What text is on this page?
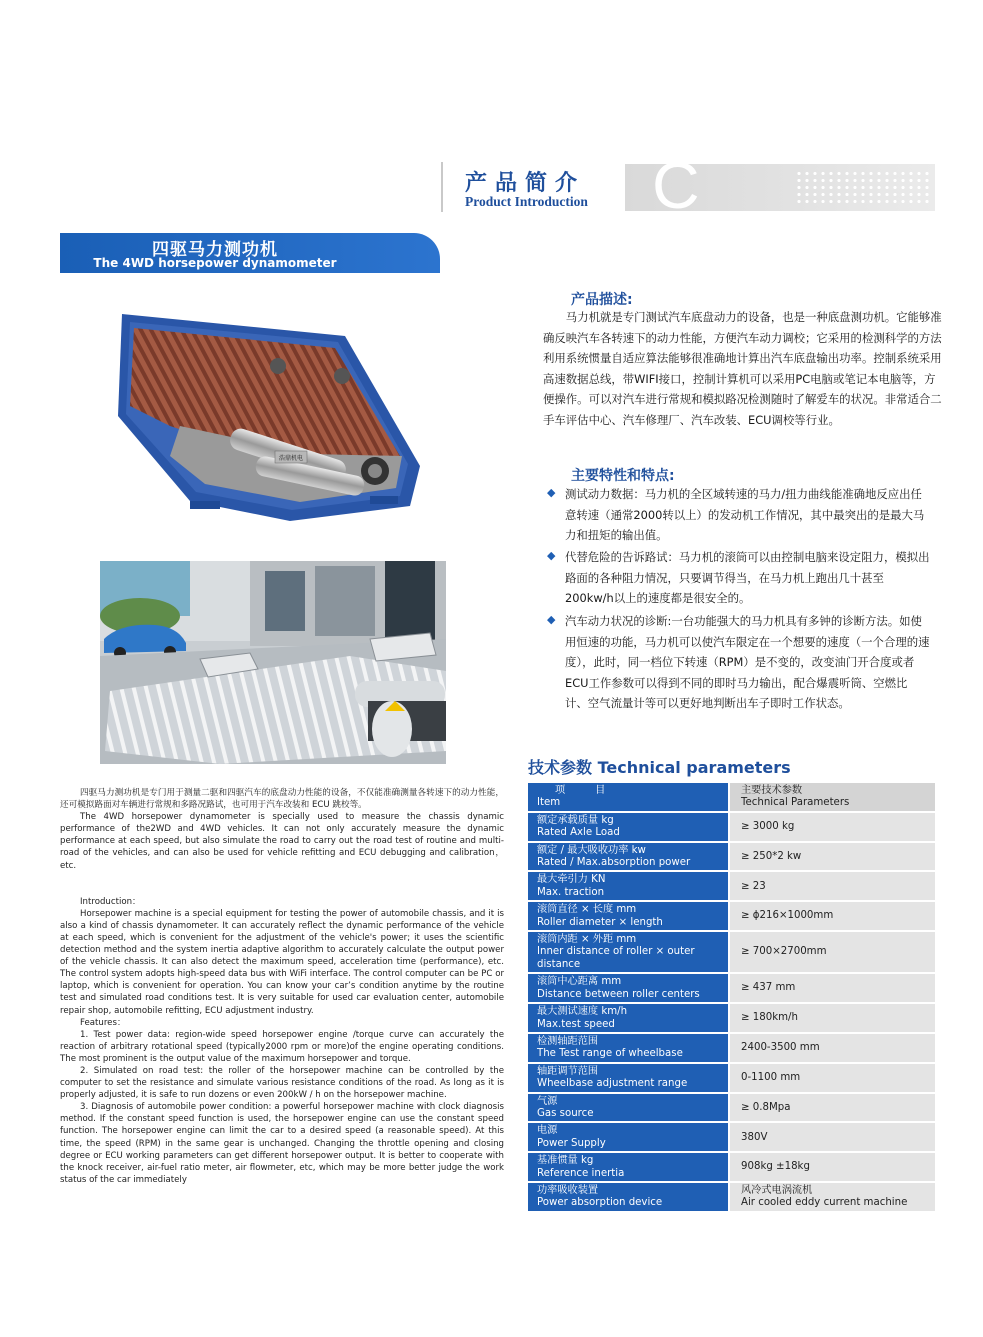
产品简介
Product Introduction C
四驱马力测功机
The 4WD horsepower dynamometer
浩鼎机电
产品描述:
马力机就是专门测试汽车底盘动力的设备，也是一种底盘测功机。它能够准确反映汽车各转速下的动力性能，方便汽车动力调校；它采用的检测科学的方法利用系统惯量自适应算法能够很准确地计算出汽车底盘输出功率。控制系统采用高速数据总线，带WIFI接口，控制计算机可以采用PC电脑或笔记本电脑等，方便操作。可以对汽车进行常规和模拟路况检测随时了解爱车的状况。非常适合二手车评估中心、汽车修理厂、汽车改装、ECU调校等行业。
主要特性和特点:
◆ 测试动力数据：马力机的全区域转速的马力/扭力曲线能准确地反应出任意转速（通常2000转以上）的发动机工作情况，其中最突出的是最大马力和扭矩的输出值。
◆ 代替危险的告诉路试：马力机的滚筒可以由控制电脑来设定阻力，模拟出路面的各种阻力情况，只要调节得当，在马力机上跑出几十甚至200kw/h以上的速度都是很安全的。
◆ 汽车动力状况的诊断:一台功能强大的马力机具有多钟的诊断方法。如使用恒速的功能，马力机可以使汽车限定在一个想要的速度（一个合理的速度），此时，同一档位下转速（RPM）是不变的，改变油门开合度或者ECU工作参数可以得到不同的即时马力输出，配合爆震听筒、空燃比计、空气流量计等可以更好地判断出车子即时工作状态。
技术参数 Technical parameters
项目
Item
主要技术参数
Technical Parameters
额定承载质量 kg
Rated Axle Load
≥ 3000 kg
额定 / 最大吸收功率 kw
Rated / Max.absorption power
≥ 250*2 kw
最大牵引力 KN
Max. traction
≥ 23
滚筒直径 × 长度 mm
Roller diameter × length
≥ ϕ216×1000mm
滚筒内距 × 外距 mm
Inner distance of roller × outer distance
≥ 700×2700mm
滚筒中心距离 mm
Distance between roller centers
≥ 437 mm
最大测试速度 km/h
Max.test speed
≥ 180km/h
检测轴距范围
The Test range of wheelbase
2400-3500 mm
轴距调节范围
Wheelbase adjustment range
0-1100 mm
气源
Gas source
≥ 0.8Mpa
电源
Power Supply
380V
基准惯量 kg
Reference inertia
908kg ±18kg
功率吸收装置
Power absorption device
风冷式电涡流机
Air cooled eddy current machine

四驱马力测功机是专门用于测量二驱和四驱汽车的底盘动力性能的设备，不仅能准确测量各转速下的动力性能，还可模拟路面对车辆进行常规和多路况路试，也可用于汽车改装和 ECU 跳校等。

The 4WD horsepower dynamometer is specially used to measure the chassis dynamic performance of the2WD and 4WD vehicles. It can not only accurately measure the dynamic performance at each speed, but also simulate the road to carry out the road test of routine and multi-road of the vehicles, and can also be used for vehicle refitting and ECU debugging and calibration，etc.

Introduction：

Horsepower machine is a special equipment for testing the power of automobile chassis, and it is also a kind of chassis dynamometer. It can accurately reflect the dynamic performance of the vehicle at each speed, which is convenient for the adjustment of the vehicle's power; it uses the scientific detection method and the system inertia adaptive algorithm to accurately calculate the output power of the vehicle chassis. It can also detect the maximum speed, acceleration time (performance), etc. The control system adopts high-speed data bus with WiFi interface. The control computer can be PC or laptop, which is convenient for operation. You can know your car’s condition anytime by the routine test and simulated road conditions test. It is very suitable for used car evaluation center, automobile repair shop, automobile refitting, ECU adjustment industry.

Features：

1. Test power data: region-wide speed horsepower engine /torque curve can accurately the reaction of arbitrary rotational speed (typically2000 rpm or more)of the engine operating conditions. The most prominent is the output value of the maximum horsepower and torque.

2. Simulated on road test: the roller of the horsepower machine can be controlled by the computer to set the resistance and simulate various resistance conditions of the road. As long as it is properly adjusted, it is safe to run dozens or even 200kW / h on the horsepower machine.

3. Diagnosis of automobile power condition: a powerful horsepower machine with clock diagnosis method. If the constant speed function is used, the horsepower engine can use the constant speed function. The horsepower engine can limit the car to a desired speed (a reasonable speed). At this time, the speed (RPM) in the same gear is unchanged. Changing the throttle opening and closing degree or ECU working parameters can get different horsepower output. It is better to cooperate with the knock receiver, air-fuel ratio meter, air flowmeter, etc, which may be more better judge the work status of the car immediately
